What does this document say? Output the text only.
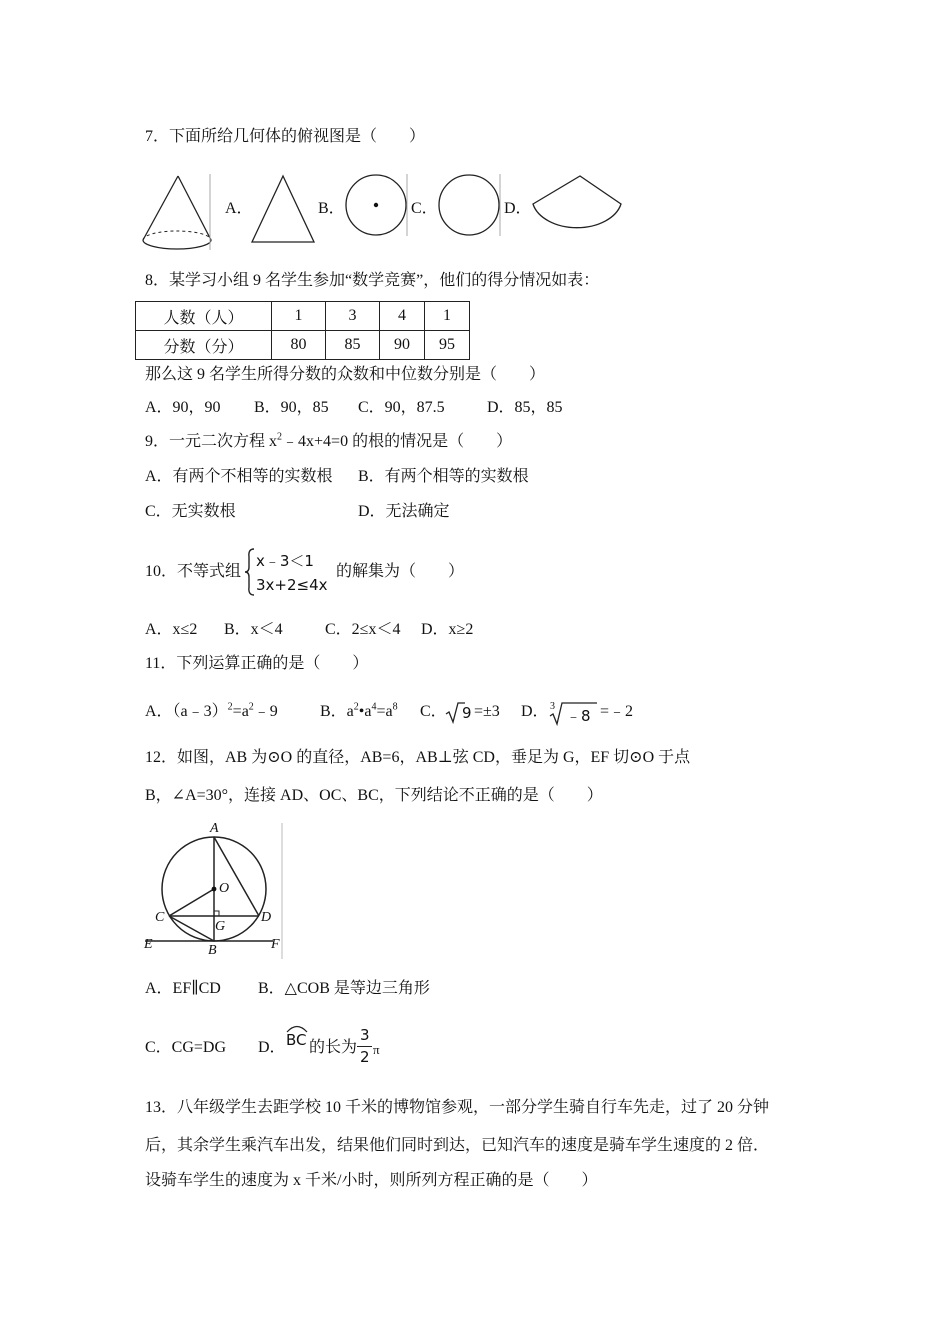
7．下面所给几何体的俯视图是（　　）
A．	B．	C．	D．
8．某学习小组 9 名学生参加“数学竞赛”，他们的得分情况如表：
人数（人）	1	3	4	1
分数（分）	80	85	90	95
那么这 9 名学生所得分数的众数和中位数分别是（　　）
A．90，90 B．90，85 C．90，87.5	D．85，85
9．一元二次方程 $x^2﹣4x+4=0$ 的根的情况是（　　）
A．有两个不相等的实数根 B．有两个相等的实数根
C．无实数根	D．无法确定
10．不等式组
x﹣3＜1
3x+2≤4x
的解集为（　　）
A．x≤2 B．x＜4	C．2≤x＜4 D．x≥2
11．下列运算正确的是（　　）
A．$(a﹣3)^2=a^2﹣9$	B．$a^2•a^4=a^8$ C． 9 =±3 D． 3
﹣8 =﹣2
12．如图，AB 为⊙O 的直径，AB=6，AB⊥弦 CD，垂足为 G，EF 切⊙O 于点
B，∠A=30°，连接 AD、OC、BC，下列结论不正确的是（　　）
A
O
C
G
D
E	B	F
A．EF∥CD B．△COB 是等边三角形
C．CG=DG D． BC 的长为
3
2 π
13．八年级学生去距学校 10 千米的博物馆参观，一部分学生骑自行车先走，过了 20 分钟
后，其余学生乘汽车出发，结果他们同时到达，已知汽车的速度是骑车学生速度的 2 倍．
设骑车学生的速度为 x 千米/小时，则所列方程正确的是（　　）
